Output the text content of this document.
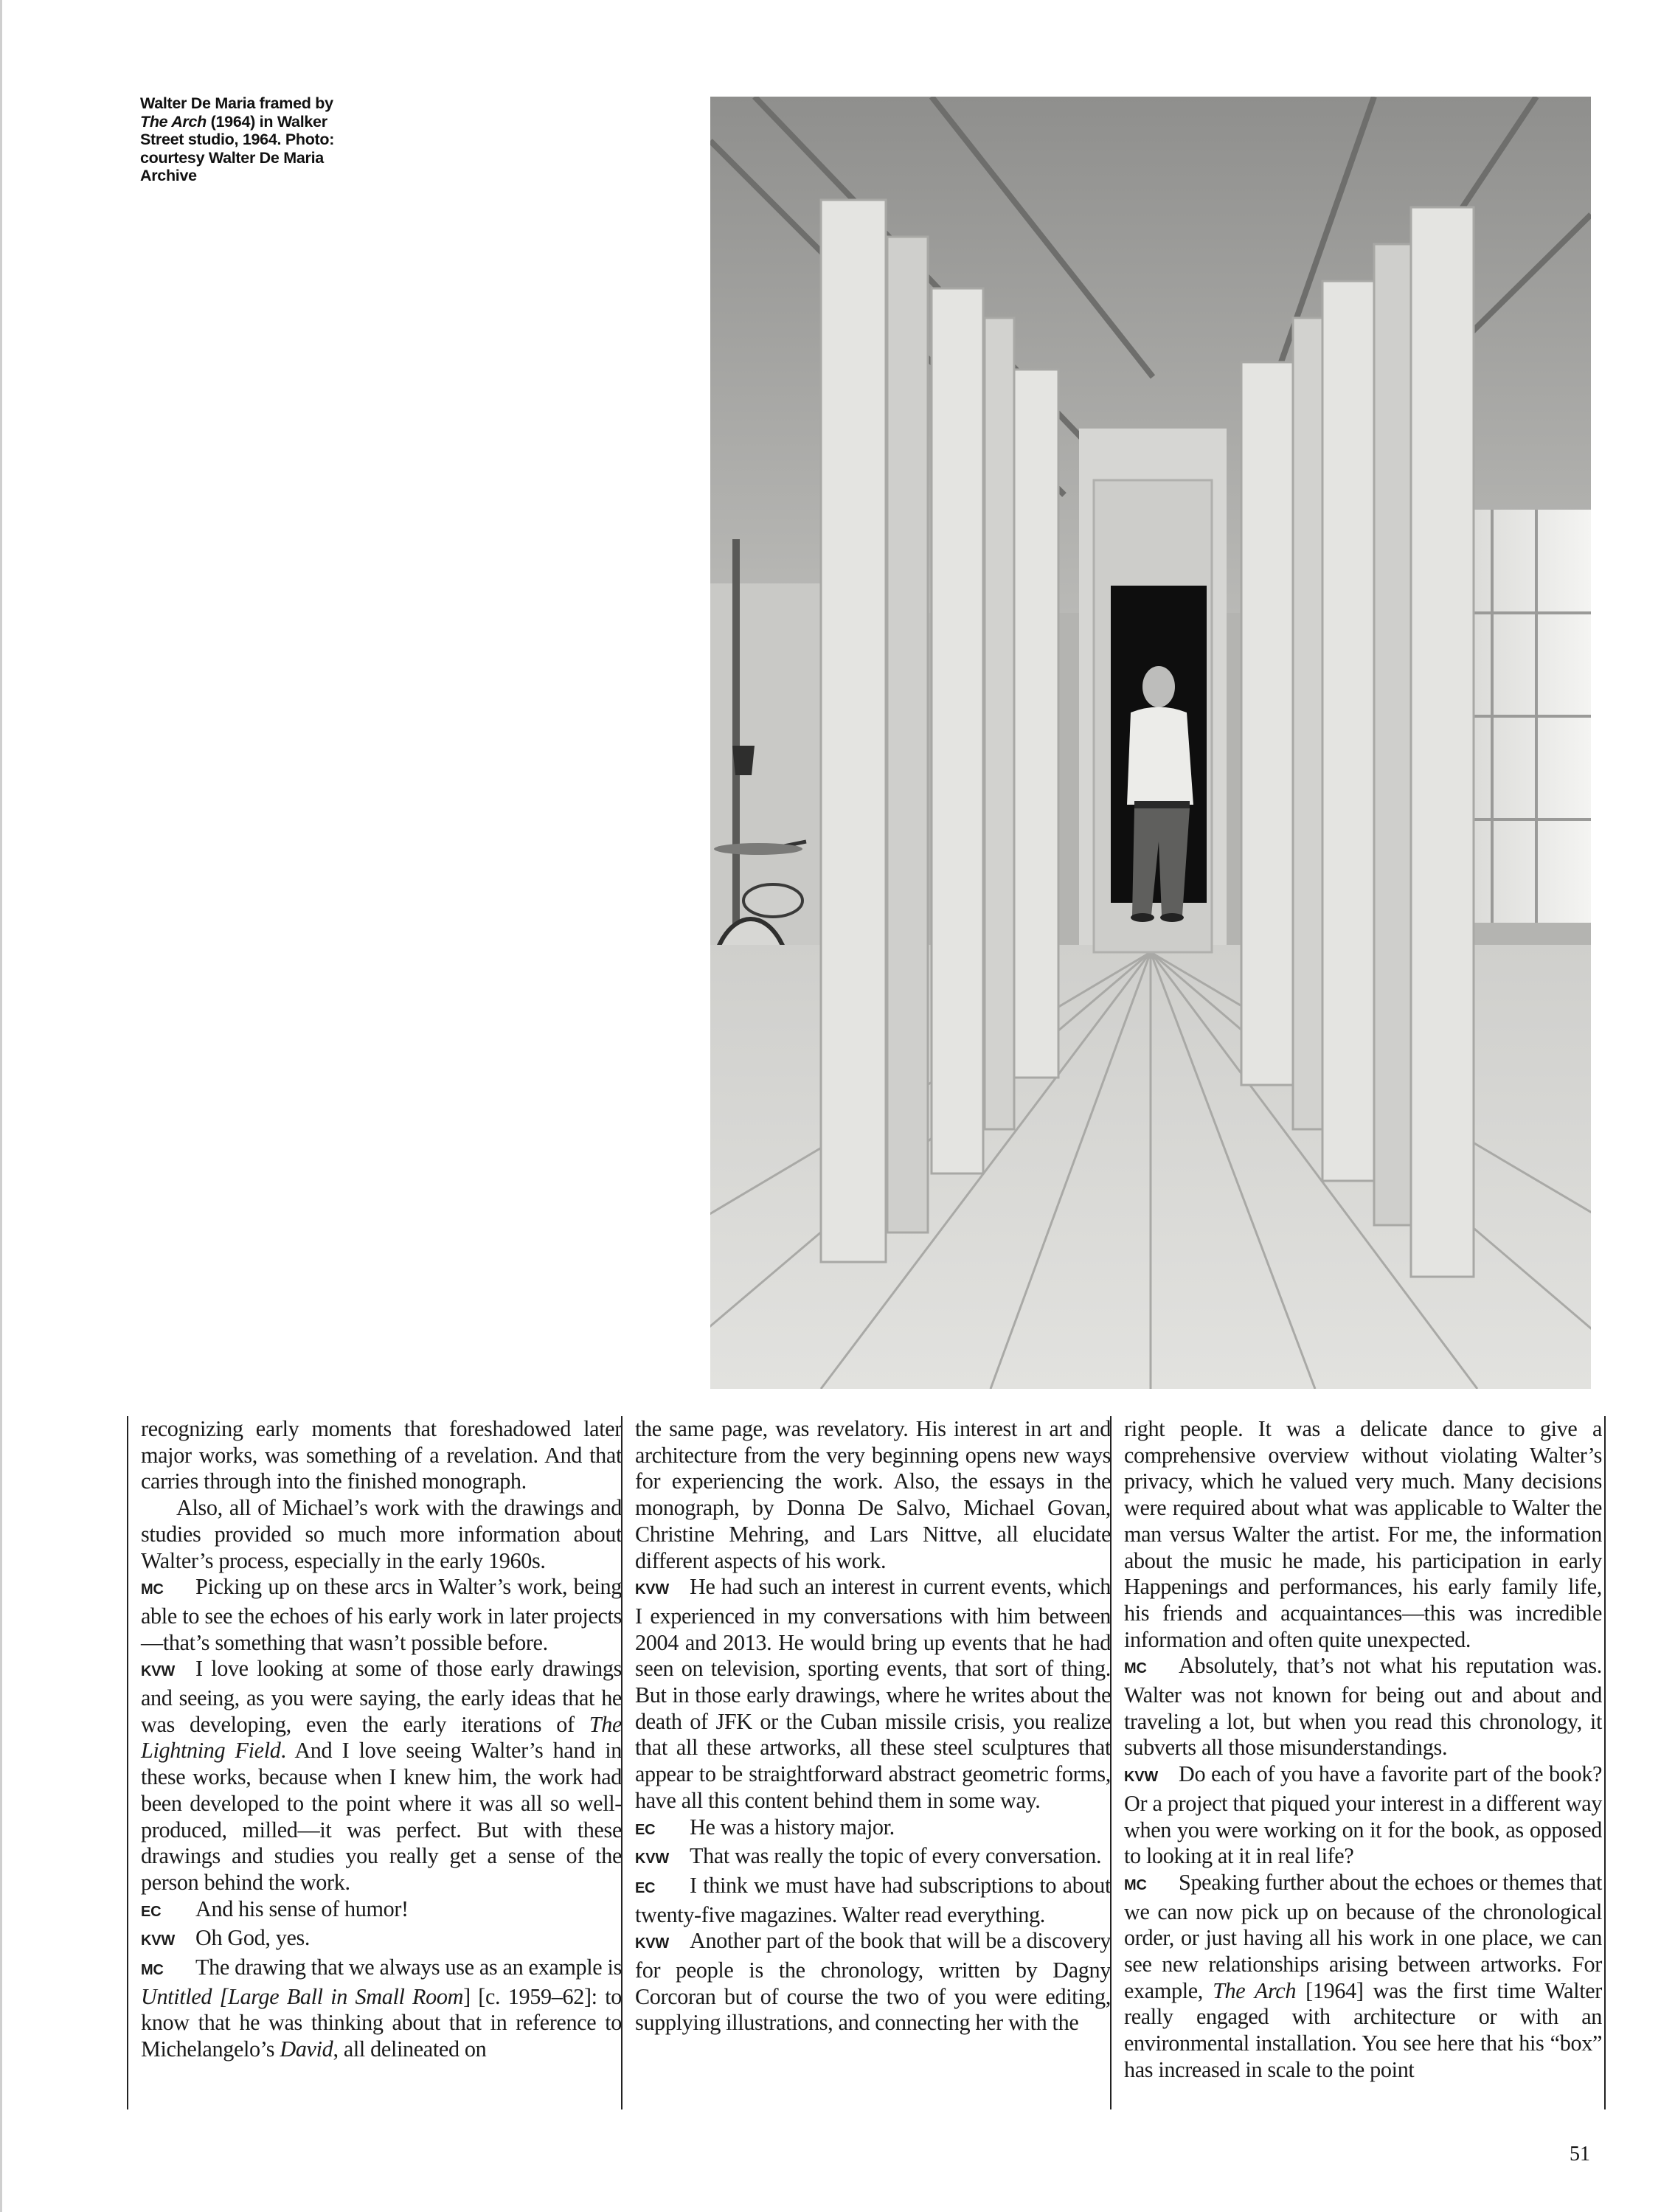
Walter De Maria framed by The Arch (1964) in Walker Street studio, 1964. Photo: courtesy Walter De Maria Archive

recognizing early moments that foreshadowed later major works, was something of a revelation. And that carries through into the finished monograph.

Also, all of Michael’s work with the drawings and studies provided so much more information about Walter’s process, especially in the early 1960s.

MC Picking up on these arcs in Walter’s work, being able to see the echoes of his early work in later projects—that’s something that wasn’t possible before.

KVW I love looking at some of those early drawings and seeing, as you were saying, the early ideas that he was developing, even the early iterations of The Lightning Field. And I love seeing Walter’s hand in these works, because when I knew him, the work had been developed to the point where it was all so well-produced, milled—it was perfect. But with these drawings and studies you really get a sense of the person behind the work.

EC And his sense of humor!

KVW Oh God, yes.

MC The drawing that we always use as an example is Untitled [Large Ball in Small Room] [c. 1959–62]: to know that he was thinking about that in reference to Michelangelo’s David, all delineated on

the same page, was revelatory. His interest in art and architecture from the very beginning opens new ways for experiencing the work. Also, the essays in the monograph, by Donna De Salvo, Michael Govan, Christine Mehring, and Lars Nittve, all elucidate different aspects of his work.

KVW He had such an interest in current events, which I experienced in my conversations with him between 2004 and 2013. He would bring up events that he had seen on television, sporting events, that sort of thing. But in those early drawings, where he writes about the death of JFK or the Cuban missile crisis, you realize that all these artworks, all these steel sculptures that appear to be straightforward abstract geometric forms, have all this content behind them in some way.

EC He was a history major.

KVW That was really the topic of every conversation.

EC I think we must have had subscriptions to about twenty-five magazines. Walter read everything.

KVW Another part of the book that will be a discovery for people is the chronology, written by Dagny Corcoran but of course the two of you were editing, supplying illustrations, and connecting her with the

right people. It was a delicate dance to give a comprehensive overview without violating Walter’s privacy, which he valued very much. Many decisions were required about what was applicable to Walter the man versus Walter the artist. For me, the information about the music he made, his participation in early Happenings and performances, his early family life, his friends and acquaintances—this was incredible information and often quite unexpected.

MC Absolutely, that’s not what his reputation was. Walter was not known for being out and about and traveling a lot, but when you read this chronology, it subverts all those misunderstandings.

KVW Do each of you have a favorite part of the book? Or a project that piqued your interest in a different way when you were working on it for the book, as opposed to looking at it in real life?

MC Speaking further about the echoes or themes that we can now pick up on because of the chronological order, or just having all his work in one place, we can see new relationships arising between artworks. For example, The Arch [1964] was the first time Walter really engaged with architecture or with an environmental installation. You see here that his “box” has increased in scale to the point

51
